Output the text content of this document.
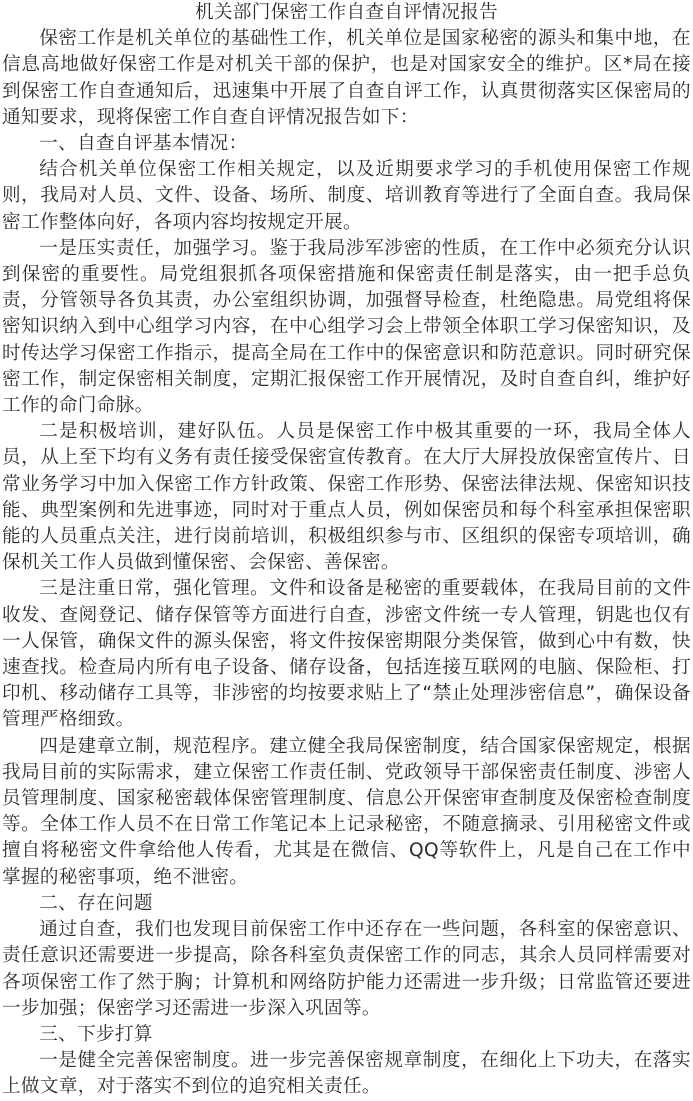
机关部门保密工作自查自评情况报告

保密工作是机关单位的基础性工作，机关单位是国家秘密的源头和集中地，在信息高地做好保密工作是对机关干部的保护，也是对国家安全的维护。区*局在接到保密工作自查通知后，迅速集中开展了自查自评工作，认真贯彻落实区保密局的通知要求，现将保密工作自查自评情况报告如下：

一、自查自评基本情况：

结合机关单位保密工作相关规定，以及近期要求学习的手机使用保密工作规则，我局对人员、文件、设备、场所、制度、培训教育等进行了全面自查。我局保密工作整体向好，各项内容均按规定开展。

一是压实责任，加强学习。鉴于我局涉军涉密的性质，在工作中必须充分认识到保密的重要性。局党组狠抓各项保密措施和保密责任制是落实，由一把手总负责，分管领导各负其责，办公室组织协调，加强督导检查，杜绝隐患。局党组将保密知识纳入到中心组学习内容，在中心组学习会上带领全体职工学习保密知识，及时传达学习保密工作指示，提高全局在工作中的保密意识和防范意识。同时研究保密工作，制定保密相关制度，定期汇报保密工作开展情况，及时自查自纠，维护好工作的命门命脉。

二是积极培训，建好队伍。人员是保密工作中极其重要的一环，我局全体人员，从上至下均有义务有责任接受保密宣传教育。在大厅大屏投放保密宣传片、日常业务学习中加入保密工作方针政策、保密工作形势、保密法律法规、保密知识技能、典型案例和先进事迹，同时对于重点人员，例如保密员和每个科室承担保密职能的人员重点关注，进行岗前培训，积极组织参与市、区组织的保密专项培训，确保机关工作人员做到懂保密、会保密、善保密。

三是注重日常，强化管理。文件和设备是秘密的重要载体，在我局目前的文件收发、查阅登记、储存保管等方面进行自查，涉密文件统一专人管理，钥匙也仅有一人保管，确保文件的源头保密，将文件按保密期限分类保管，做到心中有数，快速查找。检查局内所有电子设备、储存设备，包括连接互联网的电脑、保险柜、打印机、移动储存工具等，非涉密的均按要求贴上了“禁止处理涉密信息”，确保设备管理严格细致。

四是建章立制，规范程序。建立健全我局保密制度，结合国家保密规定，根据我局目前的实际需求，建立保密工作责任制、党政领导干部保密责任制度、涉密人员管理制度、国家秘密载体保密管理制度、信息公开保密审查制度及保密检查制度等。全体工作人员不在日常工作笔记本上记录秘密，不随意摘录、引用秘密文件或擅自将秘密文件拿给他人传看，尤其是在微信、QQ等软件上，凡是自己在工作中掌握的秘密事项，绝不泄密。

二、存在问题

通过自查，我们也发现目前保密工作中还存在一些问题，各科室的保密意识、责任意识还需要进一步提高，除各科室负责保密工作的同志，其余人员同样需要对各项保密工作了然于胸；计算机和网络防护能力还需进一步升级；日常监管还要进一步加强；保密学习还需进一步深入巩固等。

三、下步打算

一是健全完善保密制度。进一步完善保密规章制度，在细化上下功夫，在落实上做文章，对于落实不到位的追究相关责任。
